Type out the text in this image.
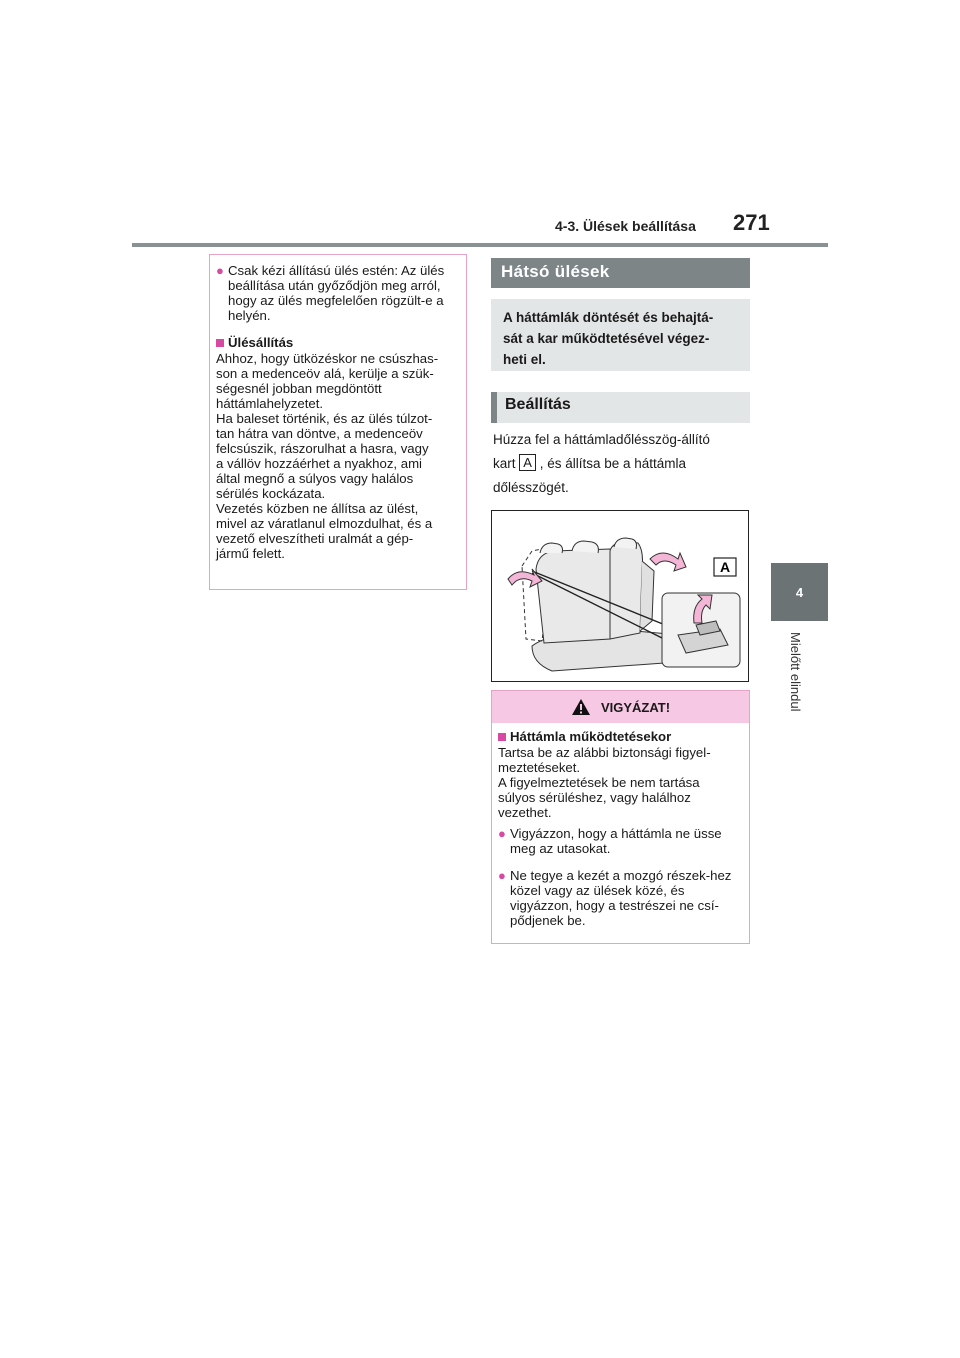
4-3. Ülések beállítása 271
4
Mielőtt elindul
● Csak kézi állítású ülés estén: Az ülés beállítása után győződjön meg arról, hogy az ülés megfelelően rögzült-e a helyén.
Ülésállítás
Ahhoz, hogy ütközéskor ne csúszhas-
son a medenceöv alá, kerülje a szük-
ségesnél jobban megdöntött
háttámlahelyzetet.
Ha baleset történik, és az ülés túlzot-
tan hátra van döntve, a medenceöv
felcsúszik, rászorulhat a hasra, vagy
a vállöv hozzáérhet a nyakhoz, ami
által megnő a súlyos vagy halálos
sérülés kockázata.
Vezetés közben ne állítsa az ülést,
mivel az váratlanul elmozdulhat, és a
vezető elveszítheti uralmát a gép-
jármű felett.
Hátsó ülések
A háttámlák döntését és behajtá-
sát a kar működtetésével végez-
heti el.
Beállítás
Húzza fel a háttámladőlésszög-állító
kart A , és állítsa be a háttámla
dőlésszögét.
A
VIGYÁZAT!
Háttámla működtetésekor
Tartsa be az alábbi biztonsági figyel-
meztetéseket.
A figyelmeztetések be nem tartása
súlyos sérüléshez, vagy halálhoz
vezethet.
● Vigyázzon, hogy a háttámla ne üsse meg az utasokat.
● Ne tegye a kezét a mozgó részek-hez közel vagy az ülések közé, és vigyázzon, hogy a testrészei ne csí-pődjenek be.
